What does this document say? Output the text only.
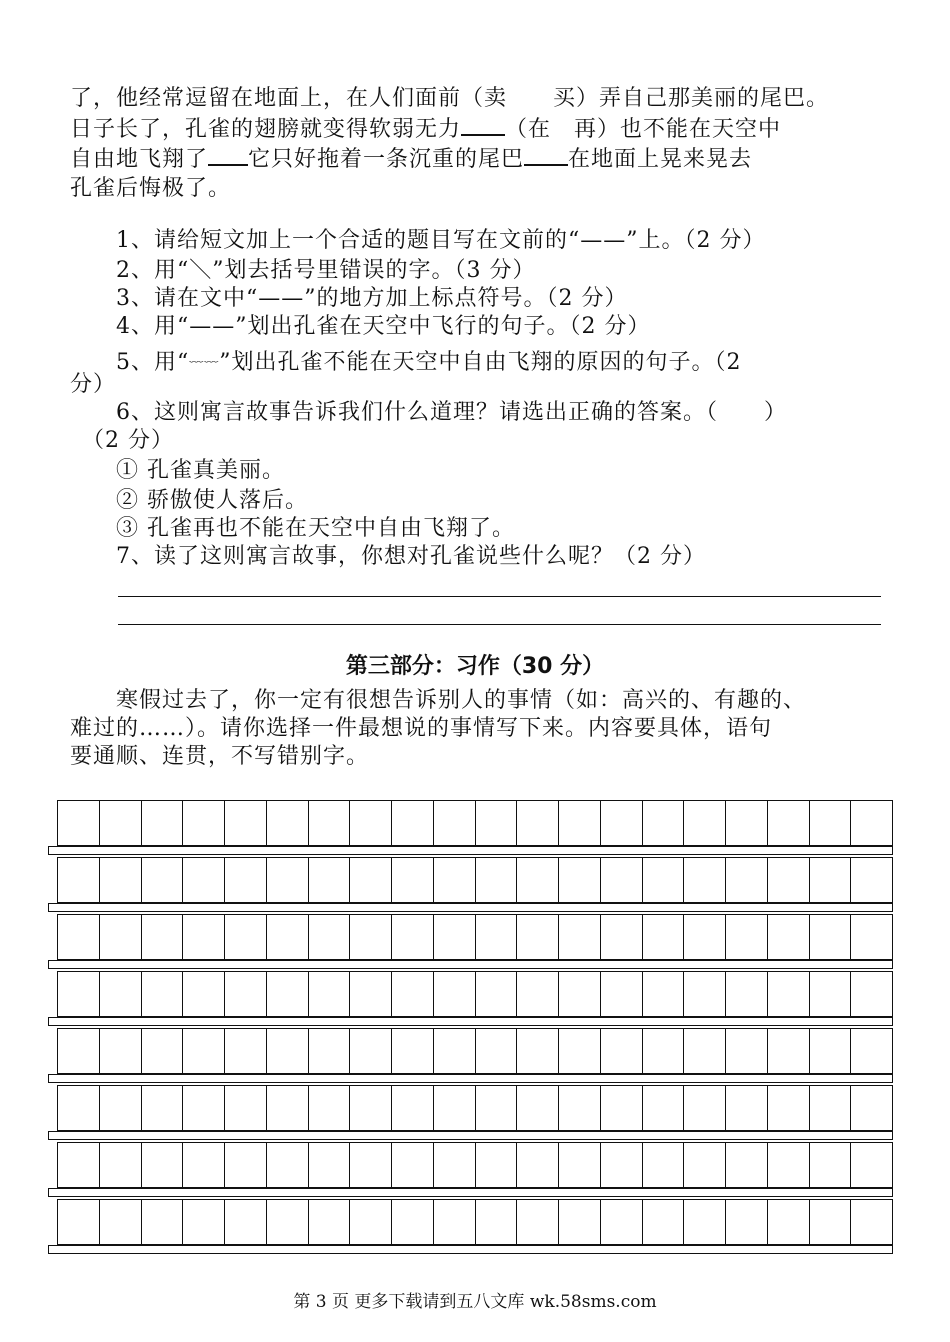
了，他经常逗留在地面上，在人们面前（卖　　买）弄自己那美丽的尾巴。
日子长了，孔雀的翅膀就变得软弱无力 （在　再）也不能在天空中
自由地飞翔了 它只好拖着一条沉重的尾巴 在地面上晃来晃去
孔雀后悔极了。
1、请给短文加上一个合适的题目写在文前的“——”上。（2 分）
2、用“＼”划去括号里错误的字。（3 分）
3、请在文中“——”的地方加上标点符号。（2 分）
4、用“——”划出孔雀在天空中飞行的句子。（2 分）
5、用“﹏﹏”划出孔雀不能在天空中自由飞翔的原因的句子。（2
分）
6、这则寓言故事告诉我们什么道理？请选出正确的答案。（　　）
（2 分）
① 孔雀真美丽。
② 骄傲使人落后。
③ 孔雀再也不能在天空中自由飞翔了。
7、读了这则寓言故事，你想对孔雀说些什么呢？（2 分）
第三部分：习作（30 分）
寒假过去了，你一定有很想告诉别人的事情（如：高兴的、有趣的、
难过的……）。请你选择一件最想说的事情写下来。内容要具体，语句
要通顺、连贯，不写错别字。
第 3 页 更多下载请到五八文库 wk.58sms.com
